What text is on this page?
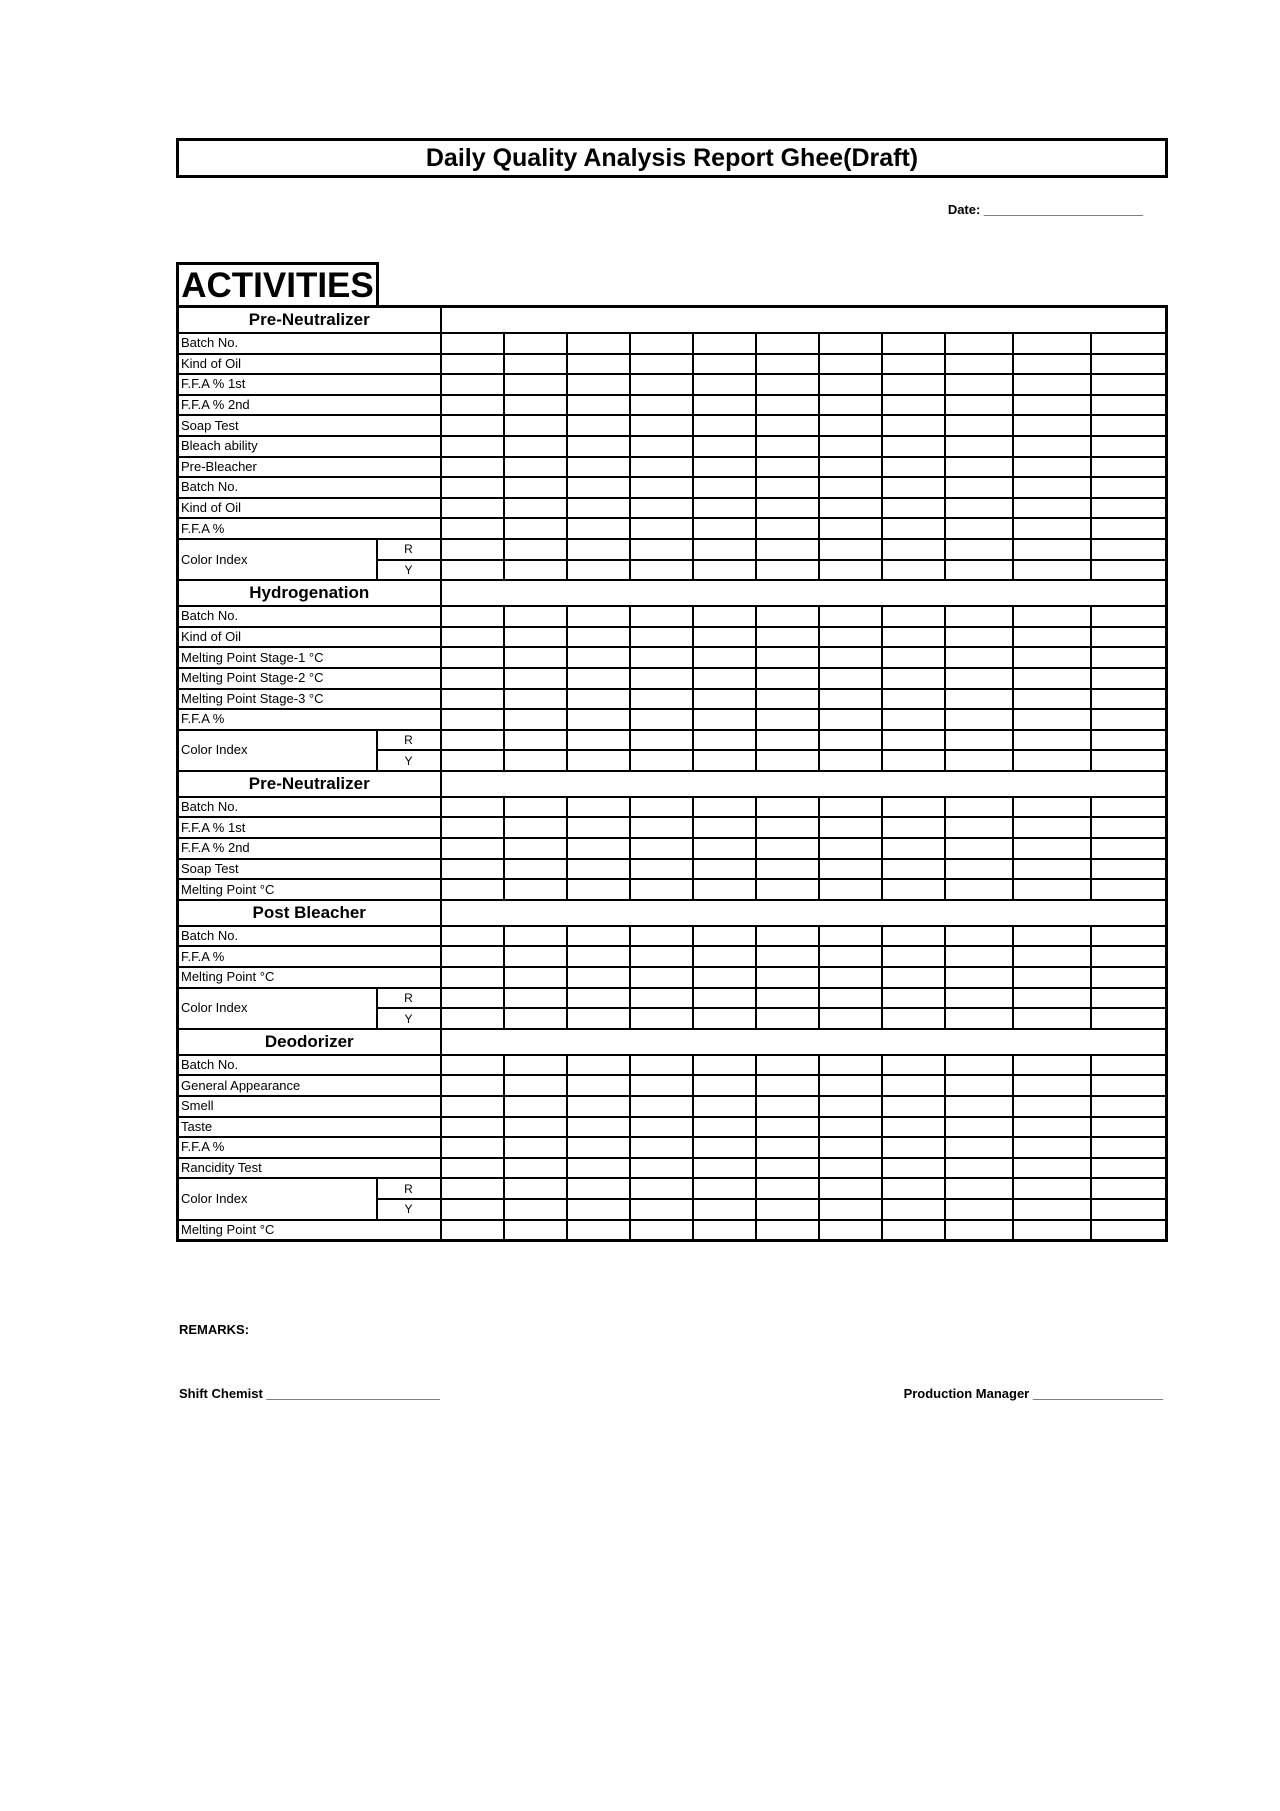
Daily Quality Analysis Report Ghee(Draft)
Date: ______________________
ACTIVITIES
Pre-Neutralizer												
Batch No.												
Kind of Oil												
F.F.A % 1st												
F.F.A % 2nd												
Soap Test												
Bleach ability												
Pre-Bleacher												
Batch No.												
Kind of Oil												
F.F.A %												
Color Index	R											
	Y											
Hydrogenation												
Batch No.												
Kind of Oil												
Melting Point Stage-1 °C												
Melting Point Stage-2 °C												
Melting Point Stage-3 °C												
F.F.A %												
Color Index	R											
	Y											
Pre-Neutralizer												
Batch No.												
F.F.A % 1st												
F.F.A % 2nd												
Soap Test												
Melting Point °C												
Post Bleacher												
Batch No.												
F.F.A %												
Melting Point °C												
Color Index	R											
	Y											
Deodorizer												
Batch No.												
General Appearance												
Smell												
Taste												
F.F.A %												
Rancidity Test												
Color Index	R											
	Y											
Melting Point °C												
REMARKS:
Shift Chemist ________________________	Production Manager __________________
